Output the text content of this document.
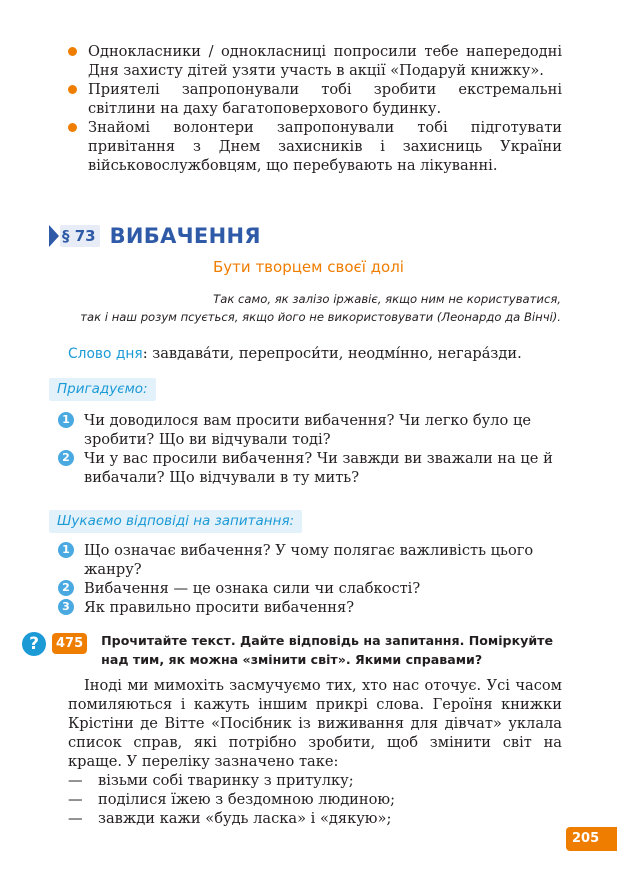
Однокласники / однокласниці попросили тебе напередодні Дня захисту дітей узяти участь в акції «Подаруй книжку».
Приятелі запропонували тобі зробити екстремальні світлини на даху багатоповерхового будинку.
Знайомі волонтери запропонували тобі підготувати привітання з Днем захисників і захисниць України військовослужбовцям, що перебувають на лікуванні.
§ 73 ВИБАЧЕННЯ
Бути творцем своєї долі
Так само, як залізо іржавіє, якщо ним не користуватися,
так і наш розум псується, якщо його не використовувати (Леонардо да Вінчі).
Слово дня: завдава́ти, перепроси́ти, неодмі́нно, негара́зди.
Пригадуємо:
1 Чи доводилося вам просити вибачення? Чи легко було це зробити? Що ви відчували тоді?
2 Чи у вас просили вибачення? Чи завжди ви зважали на це й вибачали? Що відчували в ту мить?
Шукаємо відповіді на запитання:
1 Що означає вибачення? У чому полягає важливість цього жанру?
2 Вибачення — це ознака сили чи слабкості?
3 Як правильно просити вибачення?
?	475	Прочитайте текст. Дайте відповідь на запитання. Поміркуйте над тим, як можна «змінити світ». Якими справами?
Іноді ми мимохіть засмучуємо тих, хто нас оточує. Усі часом помиляються і кажуть іншим прикрі слова. Героїня книжки Крістіни де Вітте «Посібник із виживання для дівчат» уклала список справ, які потрібно зробити, щоб змінити світ на краще. У переліку зазначено таке:
—	візьми собі тваринку з притулку;
—	поділися їжею з бездомною людиною;
—	завжди кажи «будь ласка» і «дякую»;
205
